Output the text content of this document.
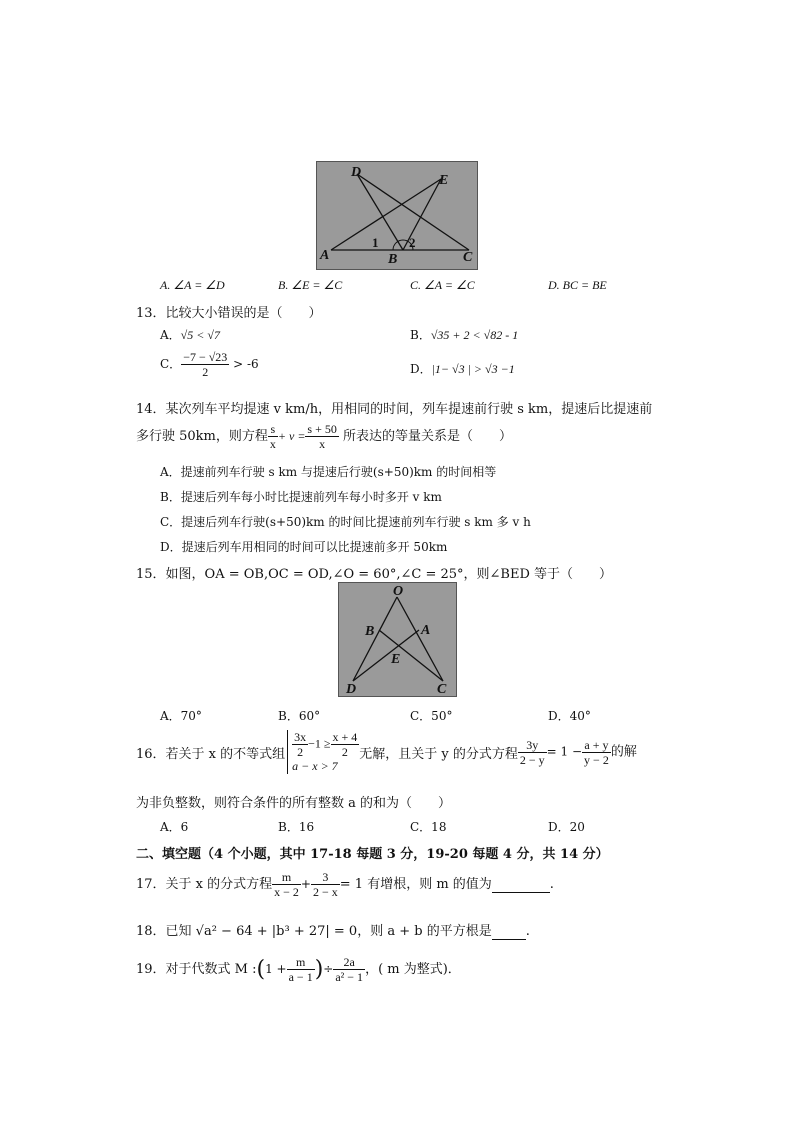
D
E
A	B	C
1 2
A. ∠A = ∠D	B. ∠E = ∠C	C. ∠A = ∠C	D. BC = BE
13．比较大小错误的是（　　）
A．√5 < √7	B．√35 + 2 < √82 - 1
C． $\frac{-7 - √23}{2} > -6$	D．|1− √3 | > √3 −1
14．某次列车平均提速 v km/h，用相同的时间，列车提速前行驶 s km，提速后比提速前
多行驶 50km，则方程 $\frac{s}{x} + v = \frac{s + 50}{x}$ 所表达的等量关系是（　　）
A．提速前列车行驶 s km 与提速后行驶(s+50)km 的时间相等
B．提速后列车每小时比提速前列车每小时多开 v km
C．提速后列车行驶(s+50)km 的时间比提速前列车行驶 s km 多 v h
D．提速后列车用相同的时间可以比提速前多开 50km
15．如图，OA = OB,OC = OD,∠O = 60°,∠C = 25°，则∠BED 等于（　　）
O
B	A
E
D	C
A．70°	B．60°	C．50°	D．40°
16．若关于 x 的不等式组 $\frac{3x}{2} -1 \ge \frac{x + 4}{2}$
a − x > 7
无解，且关于 y 的分式方程 $\frac{3y}{2 - y} = 1 - \frac{a + y}{y - 2}$ 的解
为非负整数，则符合条件的所有整数 a 的和为（　　）
A．6	B．16	C．18	D．20
二、填空题（4 个小题，其中 17-18 每题 3 分，19-20 每题 4 分，共 14 分）
17．关于 x 的分式方程 $\frac{m}{x - 2} + \frac{3}{2 - x} = 1$ 有增根，则 m 的值为	.
18．已知 √a² − 64 + |b³ + 27| = 0，则 a + b 的平方根是	.
19．对于代数式 M :(1 + $\frac{m}{a - 1}$ )÷ $\frac{2a}{\text{a² − 1}}$ ，( m 为整式)．
